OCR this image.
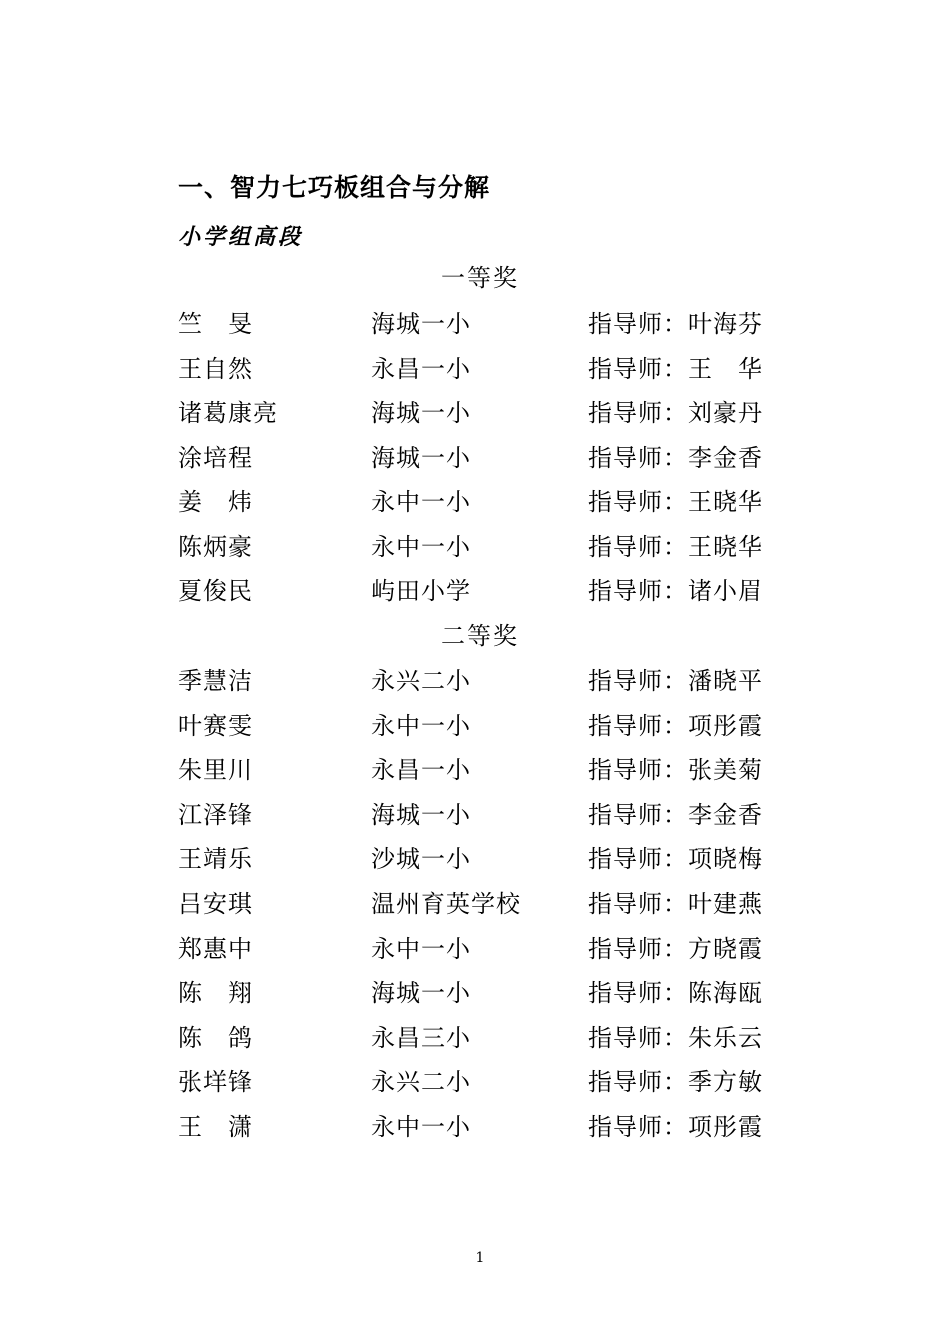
一、智力七巧板组合与分解
小学组高段
一等奖
竺　旻	海城一小	指导师：叶海芬
王自然	永昌一小	指导师：王　华
诸葛康亮	海城一小	指导师：刘豪丹
涂培程	海城一小	指导师：李金香
姜　炜	永中一小	指导师：王晓华
陈炳豪	永中一小	指导师：王晓华
夏俊民	屿田小学	指导师：诸小眉
二等奖
季慧洁	永兴二小	指导师：潘晓平
叶赛雯	永中一小	指导师：项彤霞
朱里川	永昌一小	指导师：张美菊
江泽锋	海城一小	指导师：李金香
王靖乐	沙城一小	指导师：项晓梅
吕安琪	温州育英学校	指导师：叶建燕
郑惠中	永中一小	指导师：方晓霞
陈　翔	海城一小	指导师：陈海瓯
陈　鸽	永昌三小	指导师：朱乐云
张垟锋	永兴二小	指导师：季方敏
王　潇	永中一小	指导师：项彤霞
1
